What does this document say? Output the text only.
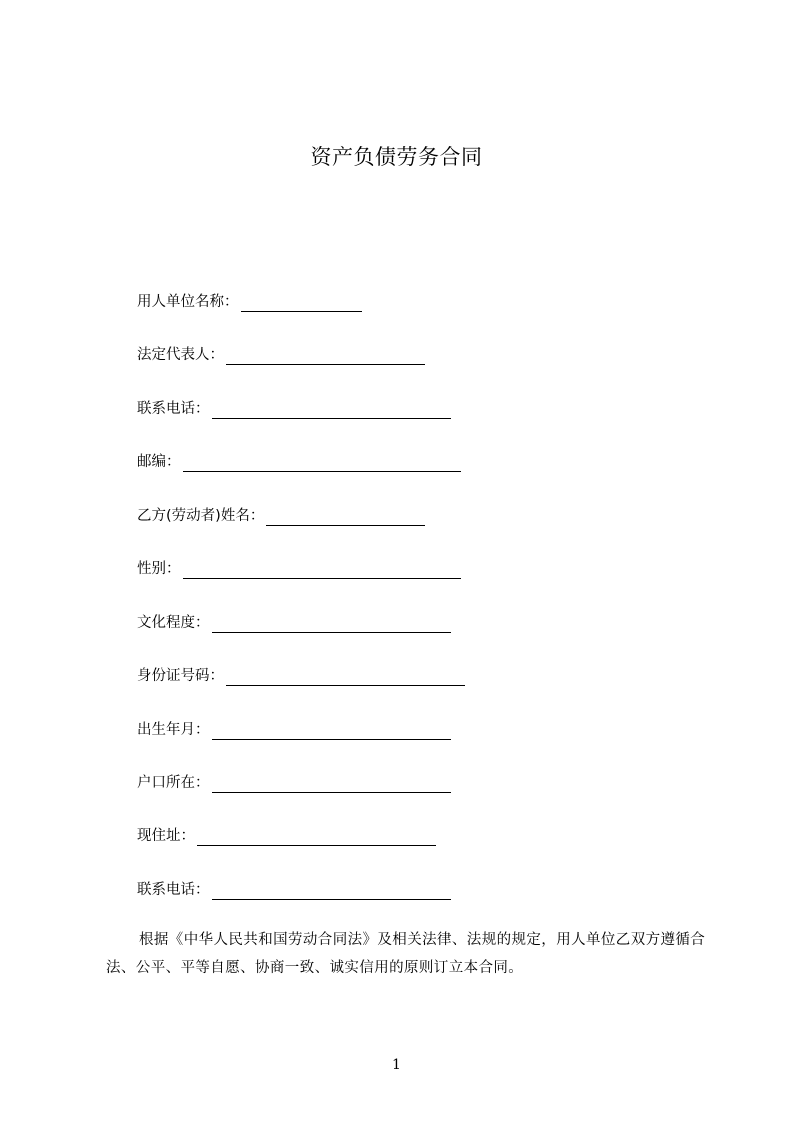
资产负债劳务合同
用人单位名称：
法定代表人：
联系电话：
邮编：
乙方(劳动者)姓名：
性别：
文化程度：
身份证号码：
出生年月：
户口所在：
现住址：
联系电话：
根据《中华人民共和国劳动合同法》及相关法律、法规的规定，用人单位乙双方遵循合法、公平、平等自愿、协商一致、诚实信用的原则订立本合同。
1
